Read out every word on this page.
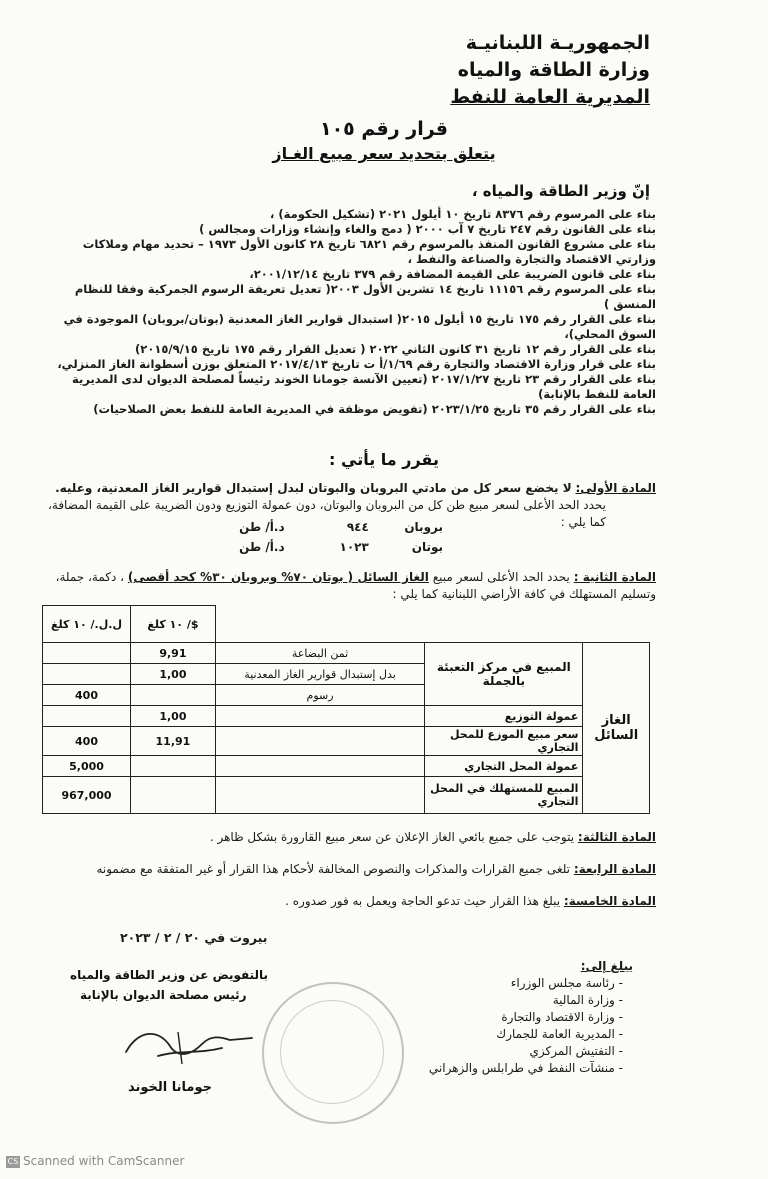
الجمهوريـة اللبنانيـة
وزارة الطاقة والمياه
المديرية العامة للنفط
قرار رقم ١٠٥
يتعلق بتحديد سعر مبيع الغـاز
إنّ وزير الطاقة والمياه ،
بناء على المرسوم رقم ٨٣٧٦ تاريخ ١٠ أيلول ٢٠٢١ (تشكيل الحكومة) ،
بناء على القانون رقم ٢٤٧ تاريخ ٧ آب ٢٠٠٠ ( دمج والغاء وإنشاء وزارات ومجالس )
بناء على مشروع القانون المنفذ بالمرسوم رقم ٦٨٢١ تاريخ ٢٨ كانون الأول ١٩٧٣ – تحديد مهام وملاكات وزارتي الاقتصاد والتجارة والصناعة والنفط ،
بناء على قانون الضريبة على القيمة المضافة رقم ٣٧٩ تاريخ ٢٠٠١/١٢/١٤،
بناء على المرسوم رقم ١١١٥٦ تاريخ ١٤ تشرين الأول ٢٠٠٣( تعديل تعريفة الرسوم الجمركية وفقا للنظام المنسق )
بناء على القرار رقم ١٧٥ تاريخ ١٥ أيلول ٢٠١٥( استبدال قوارير الغاز المعدنية (بوتان/بروبان) الموجودة في السوق المحلي)،
بناء على القرار رقم ١٢ تاريخ ٣١ كانون الثاني ٢٠٢٢ ( تعديل القرار رقم ١٧٥ تاريخ ٢٠١٥/٩/١٥)
بناء على قرار وزارة الاقتصاد والتجارة رقم ١/٦٩/أ ت تاريخ ٢٠١٧/٤/١٣ المتعلق بوزن أسطوانة الغاز المنزلي،
بناء على القرار رقم ٢٣ تاريخ ٢٠١٧/١/٢٧ (تعيين الآنسة جومانا الخوند رئيساً لمصلحة الديوان لدى المديرية العامة للنفط بالإنابة)
بناء على القرار رقم ٣٥ تاريخ ٢٠٢٣/١/٢٥ (تفويض موظفة في المديرية العامة للنفط بعض الصلاحيات)
يقرر ما يأتي :
المادة الأولى: لا يخضع سعر كل من مادتي البروبان والبوتان لبدل إستبدال قوارير الغاز المعدنية، وعليه.
يحدد الحد الأعلى لسعر مبيع طن كل من البروبان والبوتان، دون عمولة التوزيع ودون الضريبة على القيمة المضافة، كما يلي :
بروبان ٩٤٤ د.أ/ طن
بوتان ١٠٢٣ د.أ/ طن
المادة الثانية : يحدد الحد الأعلى لسعر مبيع الغاز السائل ( بوتان ٧٠% وبروبان ٣٠% كحد أقصى) ، دكمة، جملة، وتسليم المستهلك في كافة الأراضي اللبنانية كما يلي :
			$/ ١٠ كلغ	ل.ل./ ١٠ كلغ
الغاز السائل	المبيع في مركز التعبئة بالجملة	ثمن البضاعة	9,91	
		بدل إستبدال قوارير الغاز المعدنية	1,00	
		رسوم		400
	عمولة التوزيع		1,00	
	سعر مبيع الموزع للمحل التجاري		11,91	400
	عمولة المحل التجاري			5,000
	المبيع للمستهلك في المحل التجاري			967,000
المادة الثالثة: يتوجب على جميع بائعي الغاز الإعلان عن سعر مبيع القارورة بشكل ظاهر .
المادة الرابعة: تلغى جميع القرارات والمذكرات والنصوص المخالفة لأحكام هذا القرار أو غير المتفقة مع مضمونه
المادة الخامسة: يبلغ هذا القرار حيث تدعو الحاجة ويعمل به فور صدوره .
بيروت في ٢٠ / ٢ / ٢٠٢٣
يبلغ إلى:
- رئاسة مجلس الوزراء
- وزارة المالية
- وزارة الاقتصاد والتجارة
- المديرية العامة للجمارك
- التفتيش المركزي
- منشآت النفط في طرابلس والزهراني
بالتفويض عن وزير الطاقة والمياه
رئيس مصلحة الديوان بالإنابة
جومانا الخوند
CS Scanned with CamScanner
